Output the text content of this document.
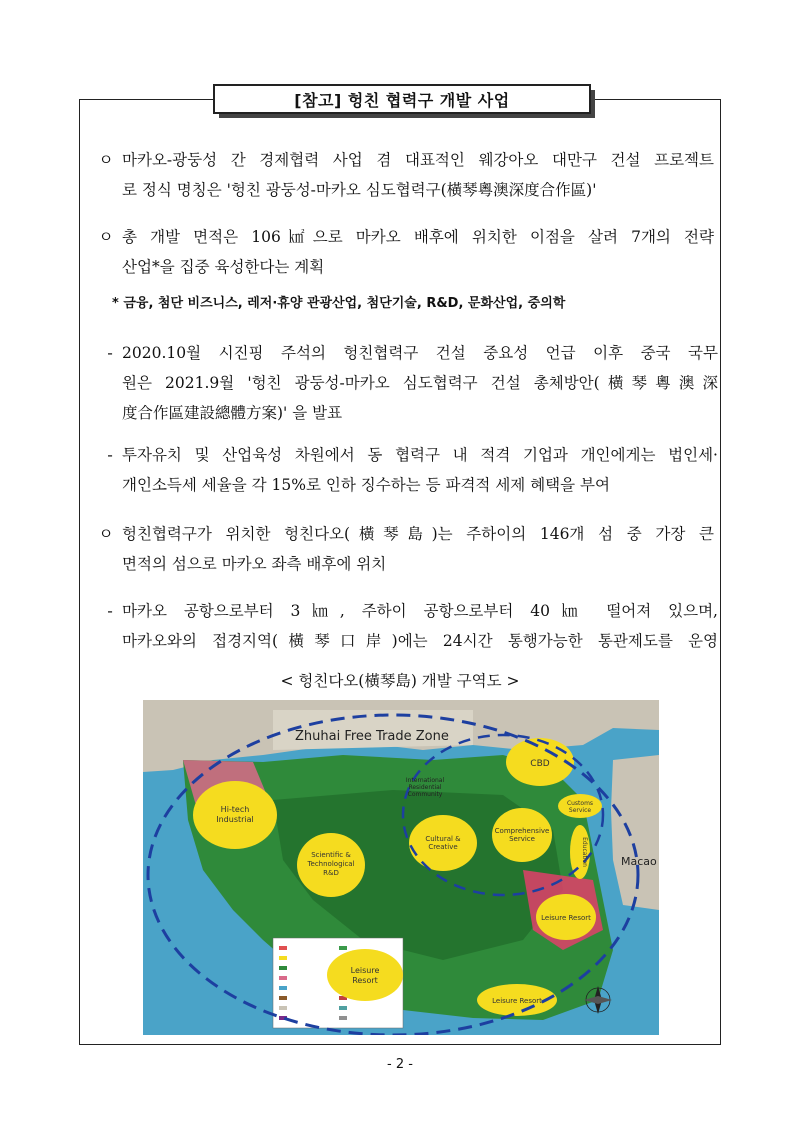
[참고] 헝친 협력구 개발 사업
ㅇ 마카오-광둥성 간 경제협력 사업 겸 대표적인 웨강아오 대만구 건설 프로젝트
로 정식 명칭은 '헝친 광둥성-마카오 심도협력구(橫琴粵澳深度合作區)'
ㅇ 총 개발 면적은 106㎢으로 마카오 배후에 위치한 이점을 살려 7개의 전략
산업*을 집중 육성한다는 계획
* 금융, 첨단 비즈니스, 레저·휴양 관광산업, 첨단기술, R&D, 문화산업, 중의학
- 2020.10월 시진핑 주석의 헝친협력구 건설 중요성 언급 이후 중국 국무
원은 2021.9월 '헝친 광둥성-마카오 심도협력구 건설 총체방안(橫琴粵澳深
度合作區建設總體方案)' 을 발표
- 투자유치 및 산업육성 차원에서 동 협력구 내 적격 기업과 개인에게는 법인세·
개인소득세 세율을 각 15%로 인하 징수하는 등 파격적 세제 혜택을 부여
ㅇ 헝친협력구가 위치한 헝친다오(橫琴島)는 주하이의 146개 섬 중 가장 큰
면적의 섬으로 마카오 좌측 배후에 위치
- 마카오 공항으로부터 3㎞, 주하이 공항으로부터 40㎞ 떨어져 있으며,
마카오와의 접경지역(橫琴口岸)에는 24시간 통행가능한 통관제도를 운영
< 헝친다오(橫琴島) 개발 구역도 >
Zhuhai Free Trade Zone
Macao
CBD
Hi-tech
Industrial
International
Residential
Community
Customs
Service
Comprehensive
Service	Education
Cultural &
Creative
Scientific &
Technological
R&D
Leisure Resort
Leisure
Resort
Leisure Resort
- 2 -
